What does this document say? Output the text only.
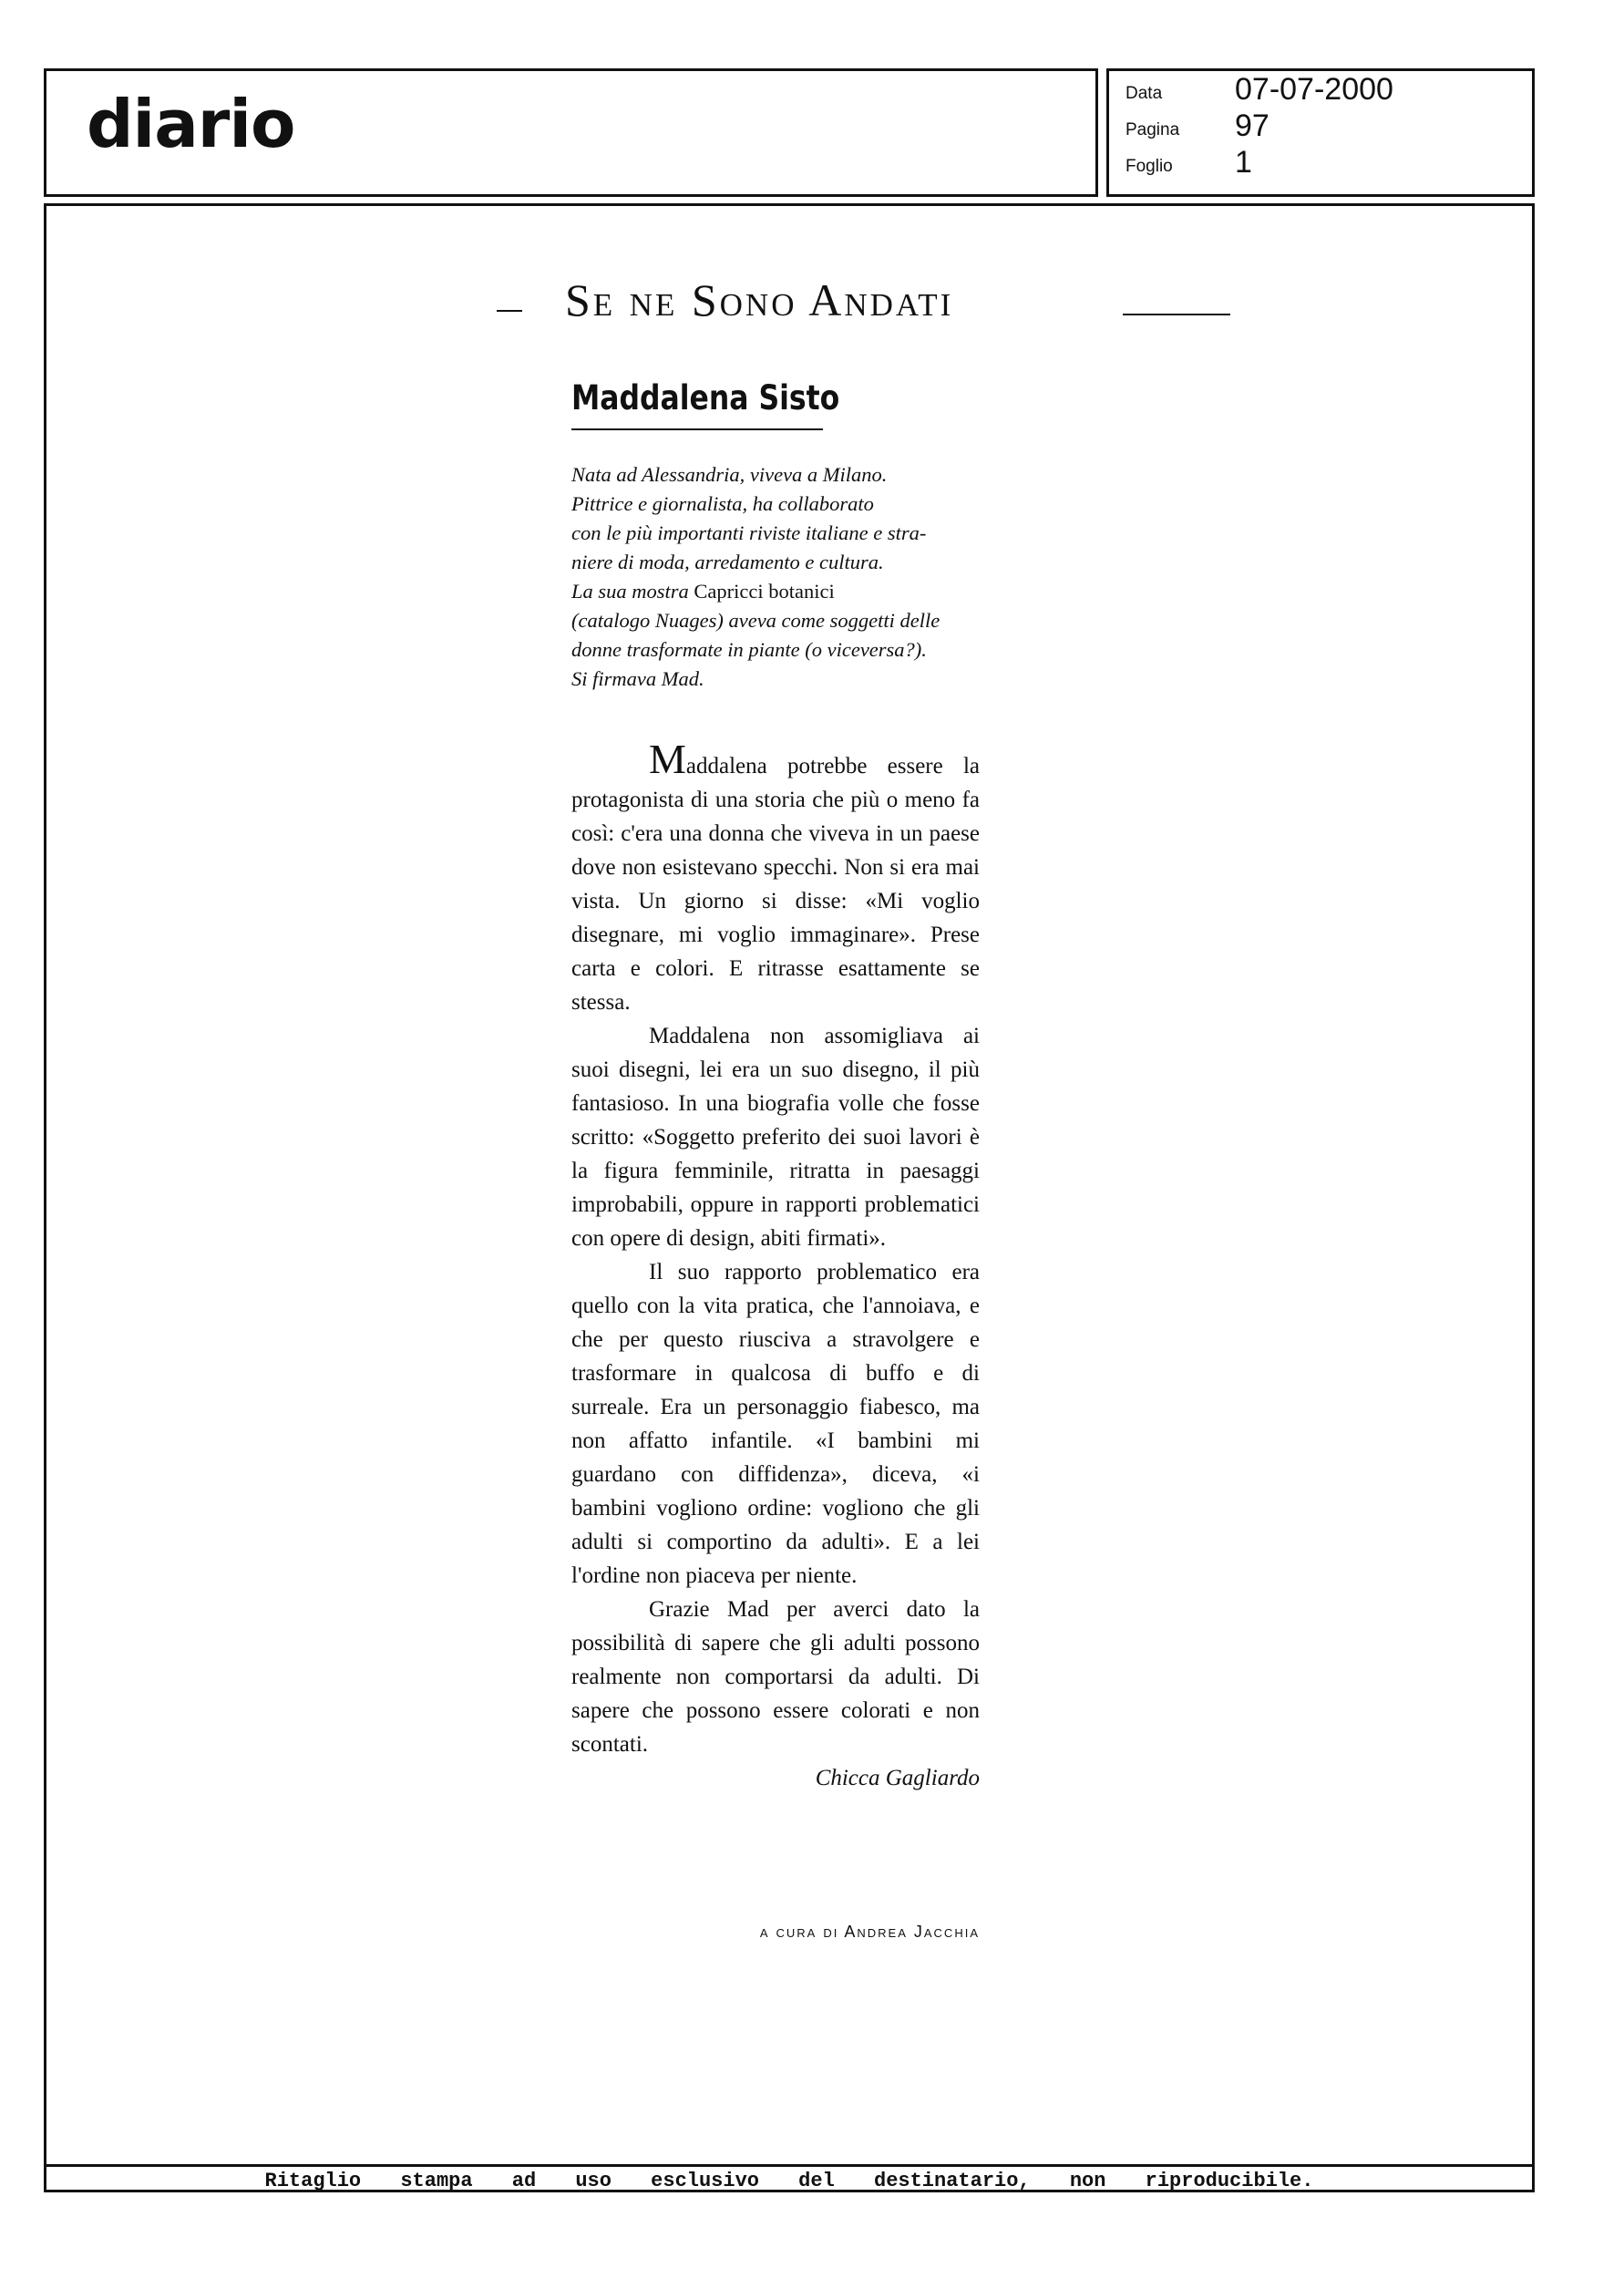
diario	Data 07-07-2000
Pagina 97
Foglio 1
Se ne Sono Andati
Maddalena Sisto
Nata ad Alessandria, viveva a Milano.
Pittrice e giornalista, ha collaborato
con le più importanti riviste italiane e stra-
niere di moda, arredamento e cultura.
La sua mostra Capricci botanici
(catalogo Nuages) aveva come soggetti delle
donne trasformate in piante (o viceversa?).
Si firmava Mad.

Maddalena potrebbe essere la protagonista di una storia che più o meno fa così: c'era una donna che viveva in un paese dove non esistevano specchi. Non si era mai vista. Un giorno si disse: «Mi voglio disegnare, mi voglio immaginare». Prese carta e colori. E ritrasse esattamente se stessa.

Maddalena non assomigliava ai suoi disegni, lei era un suo disegno, il più fantasioso. In una biografia volle che fosse scritto: «Soggetto preferito dei suoi lavori è la figura femminile, ritratta in paesaggi improbabili, oppure in rapporti problematici con opere di design, abiti firmati».

Il suo rapporto problematico era quello con la vita pratica, che l'annoiava, e che per questo riusciva a stravolgere e trasformare in qualcosa di buffo e di surreale. Era un personaggio fiabesco, ma non affatto infantile. «I bambini mi guardano con diffidenza», diceva, «i bambini vogliono ordine: vogliono che gli adulti si comportino da adulti». E a lei l'ordine non piaceva per niente.

Grazie Mad per averci dato la possibilità di sapere che gli adulti possono realmente non comportarsi da adulti. Di sapere che possono essere colorati e non scontati.

Chicca Gagliardo
a cura di Andrea Jacchia
Ritaglio stampa ad uso esclusivo del destinatario, non riproducibile.
